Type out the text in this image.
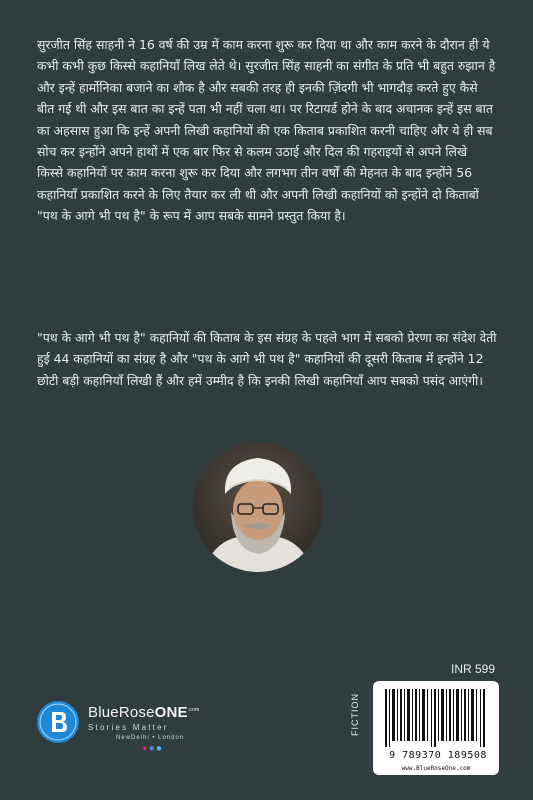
सुरजीत सिंह साहनी ने 16 वर्ष की उम्र में काम करना शुरू कर दिया था और काम करने के दौरान ही ये कभी कभी कुछ किस्से कहानियाँ लिख लेते थे। सुरजीत सिंह साहनी का संगीत के प्रति भी बहुत रुझान है और इन्हें हार्मोनिका बजाने का शौक है और सबकी तरह ही इनकी ज़िंदगी भी भागदौड़ करते हुए कैसे बीत गई थी और इस बात का इन्हें पता भी नहीं चला था। पर रिटायर्ड होने के बाद अचानक इन्हें इस बात का अहसास हुआ कि इन्हें अपनी लिखी कहानियों की एक किताब प्रकाशित करनी चाहिए और ये ही सब सोच कर इन्होंने अपने हाथों में एक बार फिर से कलम उठाई और दिल की गहराइयों से अपने लिखे किस्से कहानियों पर काम करना शुरू कर दिया और लगभग तीन वर्षों की मेहनत के बाद इन्होंने 56 कहानियाँ प्रकाशित करने के लिए तैयार कर ली थी और अपनी लिखी कहानियों को इन्होंने दो किताबों "पथ के आगे भी पथ है" के रूप में आप सबके सामने प्रस्तुत किया है।

"पथ के आगे भी पथ है" कहानियों की किताब के इस संग्रह के पहले भाग में सबको प्रेरणा का संदेश देती हुई 44 कहानियों का संग्रह है और "पथ के आगे भी पथ है" कहानियों की दूसरी किताब में इन्होंने 12 छोटी बड़ी कहानियाँ लिखी हैं और हमें उम्मीद है कि इनकी लिखी कहानियाँ आप सबको पसंद आएंगी।

INR 599
FICTION
9 789370 189508
www.BlueRoseOne.com
BlueRoseONE$^{.com}$
Stories Matter
NewDelhi • London
◉ ● ●
